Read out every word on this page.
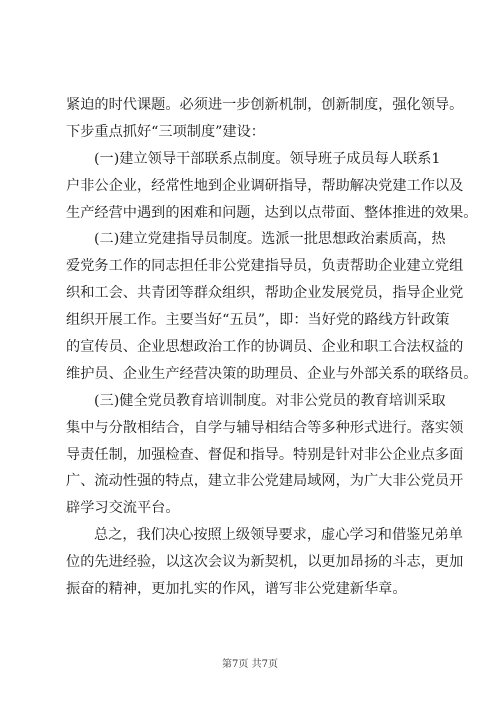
紧迫的时代课题。必须进一步创新机制，创新制度，强化领导。
下步重点抓好“三项制度”建设：
(一)建立领导干部联系点制度。领导班子成员每人联系1
户非公企业，经常性地到企业调研指导，帮助解决党建工作以及
生产经营中遇到的困难和问题，达到以点带面、整体推进的效果。
(二)建立党建指导员制度。选派一批思想政治素质高，热
爱党务工作的同志担任非公党建指导员，负责帮助企业建立党组
织和工会、共青团等群众组织，帮助企业发展党员，指导企业党
组织开展工作。主要当好“五员”，即：当好党的路线方针政策
的宣传员、企业思想政治工作的协调员、企业和职工合法权益的
维护员、企业生产经营决策的助理员、企业与外部关系的联络员。
(三)健全党员教育培训制度。对非公党员的教育培训采取
集中与分散相结合，自学与辅导相结合等多种形式进行。落实领
导责任制，加强检查、督促和指导。特别是针对非公企业点多面
广、流动性强的特点，建立非公党建局域网，为广大非公党员开
辟学习交流平台。
总之，我们决心按照上级领导要求，虚心学习和借鉴兄弟单
位的先进经验，以这次会议为新契机，以更加昂扬的斗志，更加
振奋的精神，更加扎实的作风，谱写非公党建新华章。
第7页 共7页
